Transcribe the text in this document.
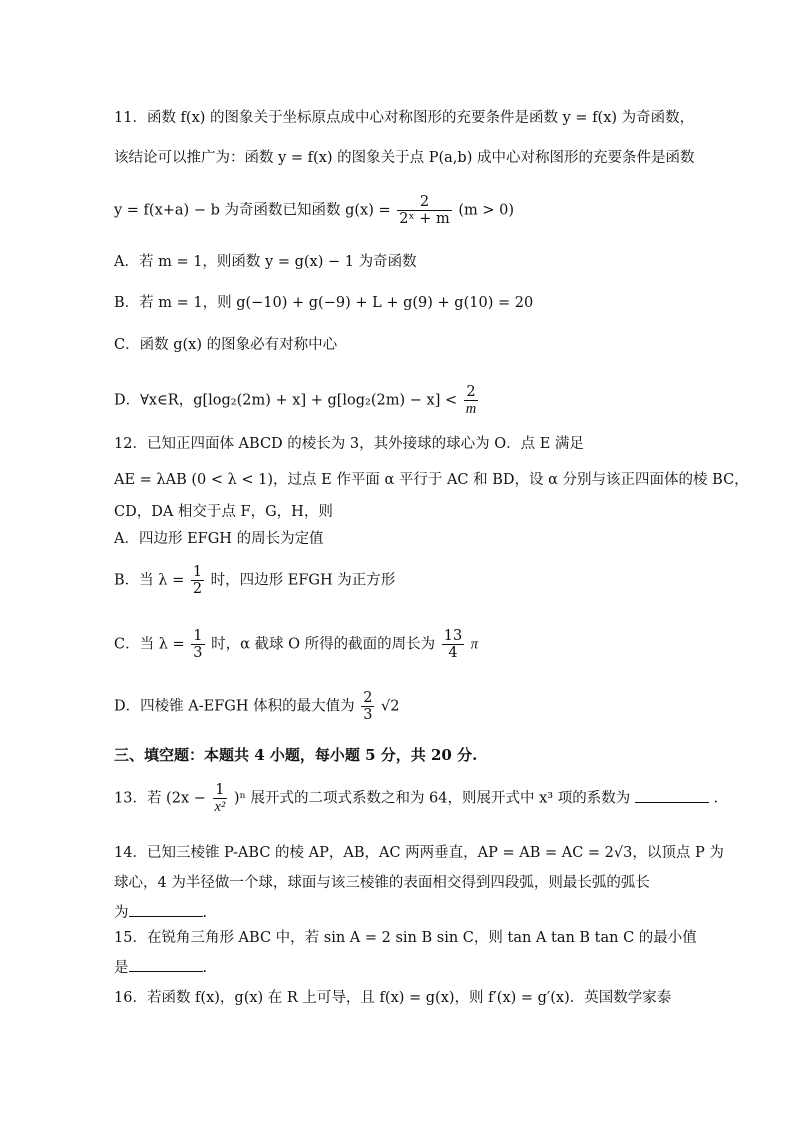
11．函数 f(x) 的图象关于坐标原点成中心对称图形的充要条件是函数 y = f(x) 为奇函数，
该结论可以推广为：函数 y = f(x) 的图象关于点 P(a,b) 成中心对称图形的充要条件是函数
y = f(x+a) − b 为奇函数已知函数 $g(x) = \frac{2}{\text{2ˣ + m}} (m > 0)$
A．若 m = 1，则函数 y = g(x) − 1 为奇函数
B．若 m = 1，则 g(−10) + g(−9) + L + g(9) + g(10) = 20
C．函数 g(x) 的图象必有对称中心
D．∀x∈R，$g[\log_2(2m) + x] + g[\log_2(2m) - x] < \frac{2}{m}$
12．已知正四面体 ABCD 的棱长为 3，其外接球的球心为 O．点 E 满足
AE = λAB (0 < λ < 1)，过点 E 作平面 α 平行于 AC 和 BD，设 α 分别与该正四面体的棱 BC，
CD，DA 相交于点 F，G，H，则
A．四边形 EFGH 的周长为定值
B．当 $\lambda = \frac{1}{2}$ 时，四边形 EFGH 为正方形
C．当 $\lambda = \frac{1}{3}$ 时，α 截球 O 所得的截面的周长为 $\frac{13}{4}$ π
D．四棱锥 A-EFGH 体积的最大值为 $\frac{2}{3} √2$
三、填空题：本题共 4 小题，每小题 5 分，共 20 分.
13．若 $(2x - \frac{1}{\text{x²}} )^n$ 展开式的二项式系数之和为 64，则展开式中 x³ 项的系数为	.
14．已知三棱锥 P-ABC 的棱 AP，AB，AC 两两垂直，AP = AB = AC = 2√3，以顶点 P 为
球心，4 为半径做一个球，球面与该三棱锥的表面相交得到四段弧，则最长弧的弧长
为	.
15．在锐角三角形 ABC 中，若 sin A = 2 sin B sin C，则 tan A tan B tan C 的最小值
是	.
16．若函数 f(x)，g(x) 在 R 上可导，且 f(x) = g(x)，则 f′(x) = g′(x)．英国数学家泰
